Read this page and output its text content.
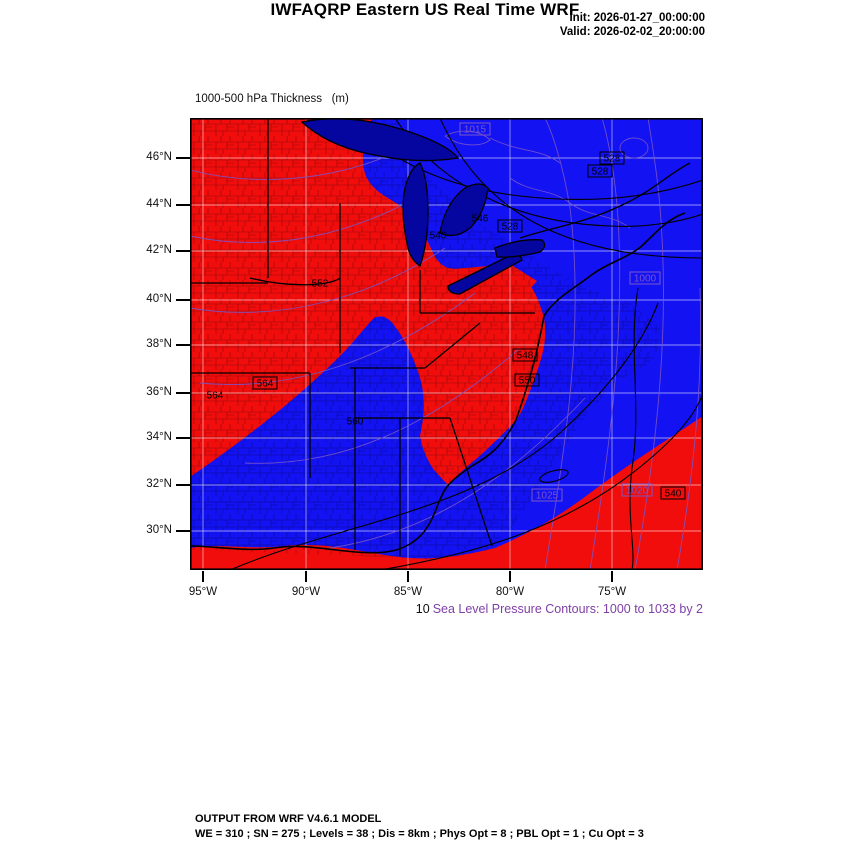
IWFAQRP Eastern US Real Time WRF
Init: 2026-01-27_00:00:00
Valid: 2026-02-02_20:00:00

1000-500 hPa Thickness   (m)

1015
528
528
528
546
540
552
548
550
564
564
560
1000
1025	1020 540
46°N
44°N
42°N
40°N
38°N
36°N
34°N
32°N
30°N
95°W	90°W	85°W	80°W	75°W
10 Sea Level Pressure Contours: 1000 to 1033 by 2
OUTPUT FROM WRF V4.6.1 MODEL
WE = 310 ; SN = 275 ; Levels = 38 ; Dis = 8km ; Phys Opt = 8 ; PBL Opt = 1 ; Cu Opt = 3
